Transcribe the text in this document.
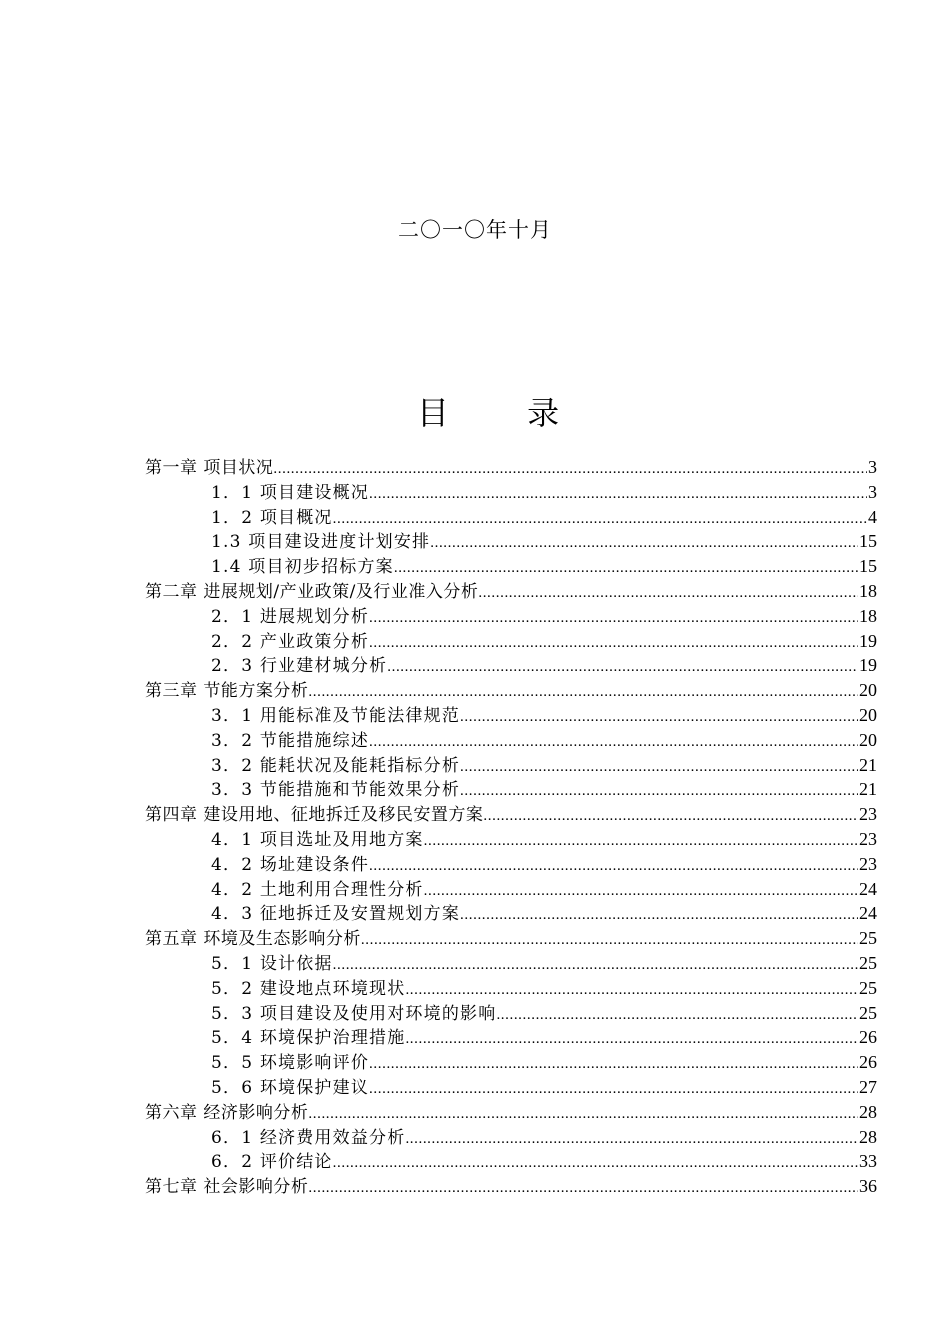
二〇一〇年十月
目 录
第一章 项目状况 .....	3
1．1 项目建设概况 .....	3
1．2 项目概况 .....	4
1.3 项目建设进度计划安排 .....	15
1.4 项目初步招标方案 .....	15
第二章 进展规划/产业政策/及行业准入分析 .....	18
2．1 进展规划分析 .....	18
2．2 产业政策分析 .....	19
2．3 行业建材城分析 .....	19
第三章 节能方案分析 .....	20
3．1 用能标准及节能法律规范 .....	20
3．2 节能措施综述 .....	20
3．2 能耗状况及能耗指标分析 .....	21
3．3 节能措施和节能效果分析 .....	21
第四章 建设用地、征地拆迁及移民安置方案 .....	23
4．1 项目选址及用地方案 .....	23
4．2 场址建设条件 .....	23
4．2 土地利用合理性分析 .....	24
4．3 征地拆迁及安置规划方案 .....	24
第五章 环境及生态影响分析 .....	25
5．1 设计依据 .....	25
5．2 建设地点环境现状 .....	25
5．3 项目建设及使用对环境的影响 .....	25
5．4 环境保护治理措施 .....	26
5．5 环境影响评价 .....	26
5．6 环境保护建议 .....	27
第六章 经济影响分析 .....	28
6．1 经济费用效益分析 .....	28
6．2 评价结论 .....	33
第七章 社会影响分析 .....	36
